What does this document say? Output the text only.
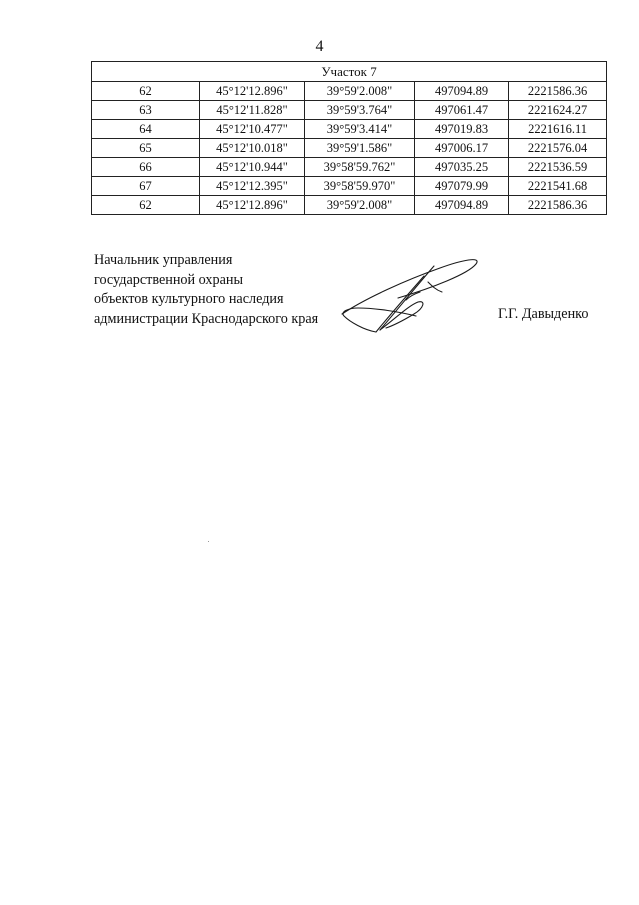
4
Участок 7				
62	45°12'12.896"	39°59'2.008"	497094.89	2221586.36
63	45°12'11.828"	39°59'3.764"	497061.47	2221624.27
64	45°12'10.477"	39°59'3.414"	497019.83	2221616.11
65	45°12'10.018"	39°59'1.586"	497006.17	2221576.04
66	45°12'10.944"	39°58'59.762"	497035.25	2221536.59
67	45°12'12.395"	39°58'59.970"	497079.99	2221541.68
62	45°12'12.896"	39°59'2.008"	497094.89	2221586.36
Начальник управления
государственной охраны
объектов культурного наследия
администрации Краснодарского края	Г.Г. Давыденко
